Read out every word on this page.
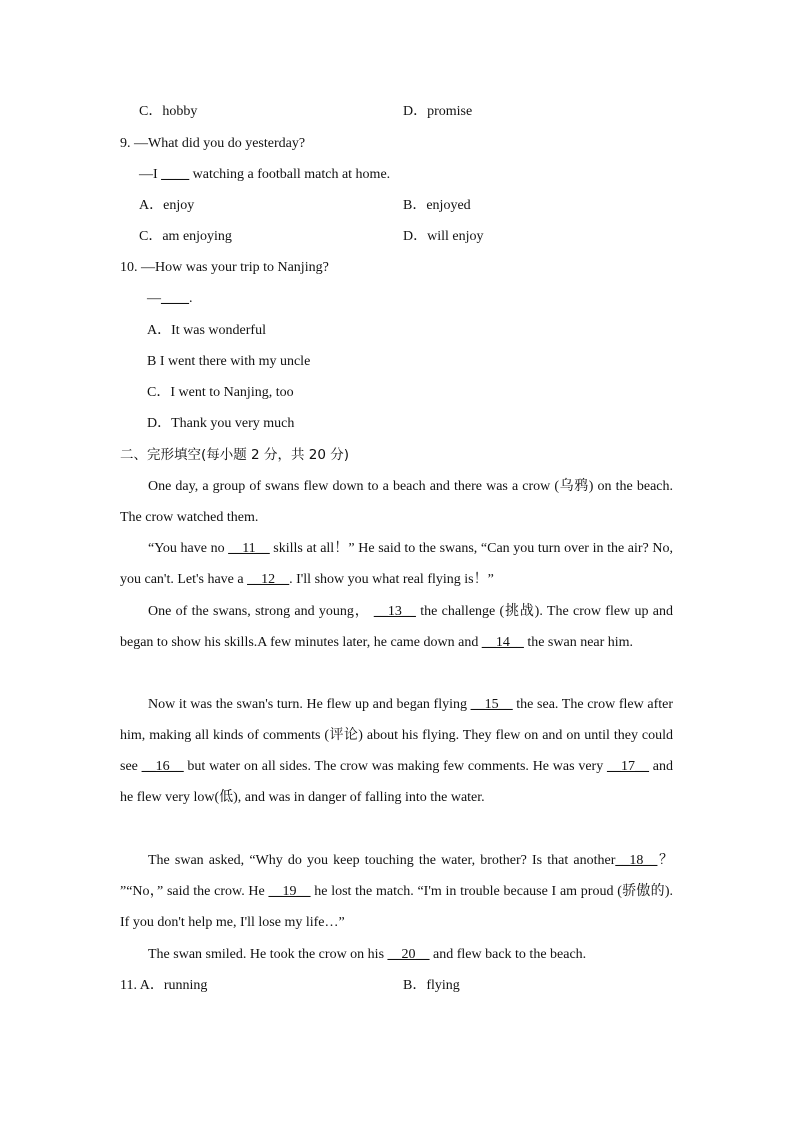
C．hobby	D．promise
9. —What did you do yesterday?
—I ____ watching a football match at home.
A．enjoy	B．enjoyed
C．am enjoying	D．will enjoy
10. —How was your trip to Nanjing?
—____.
A．It was wonderful
B I went there with my uncle
C．I went to Nanjing, too
D．Thank you very much
二、完形填空(每小题 2 分，共 20 分)
One day, a group of swans flew down to a beach and there was a crow (乌鸦) on the beach. The crow watched them.
“You have no __11__ skills at all！” He said to the swans, “Can you turn over in the air? No, you can't. Let's have a __12__. I'll show you what real flying is！”
One of the swans, strong and young， __13__ the challenge (挑战). The crow flew up and began to show his skills.A few minutes later, he came down and __14__ the swan near him.
Now it was the swan's turn. He flew up and began flying __15__ the sea. The crow flew after him, making all kinds of comments (评论) about his flying. They flew on and on until they could see __16__ but water on all sides. The crow was making few comments. He was very __17__ and he flew very low(低), and was in danger of falling into the water.
The swan asked, “Why do you keep touching the water, brother? Is that another__18__？ ”“No，” said the crow. He __19__ he lost the match. “I'm in trouble because I am proud (骄傲的). If you don't help me, I'll lose my life…”
The swan smiled. He took the crow on his __20__ and flew back to the beach.
11. A．running	B．flying
